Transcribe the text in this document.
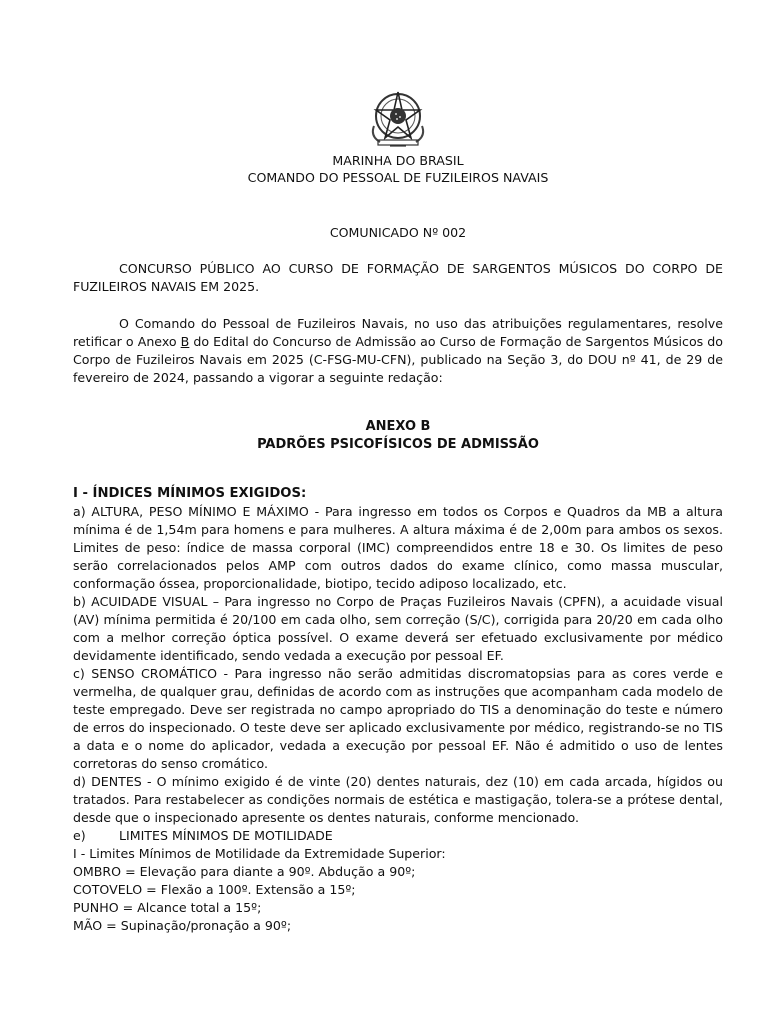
MARINHA DO BRASIL
COMANDO DO PESSOAL DE FUZILEIROS NAVAIS
COMUNICADO Nº 002
CONCURSO PÚBLICO AO CURSO DE FORMAÇÃO DE SARGENTOS MÚSICOS DO CORPO DE FUZILEIROS NAVAIS EM 2025.
O Comando do Pessoal de Fuzileiros Navais, no uso das atribuições regulamentares, resolve retificar o Anexo B do Edital do Concurso de Admissão ao Curso de Formação de Sargentos Músicos do Corpo de Fuzileiros Navais em 2025 (C-FSG-MU-CFN), publicado na Seção 3, do DOU nº 41, de 29 de fevereiro de 2024, passando a vigorar a seguinte redação:
ANEXO B
PADRÕES PSICOFÍSICOS DE ADMISSÃO
I - ÍNDICES MÍNIMOS EXIGIDOS:
a) ALTURA, PESO MÍNIMO E MÁXIMO - Para ingresso em todos os Corpos e Quadros da MB a altura mínima é de 1,54m para homens e para mulheres. A altura máxima é de 2,00m para ambos os sexos. Limites de peso: índice de massa corporal (IMC) compreendidos entre 18 e 30. Os limites de peso serão correlacionados pelos AMP com outros dados do exame clínico, como massa muscular, conformação óssea, proporcionalidade, biotipo, tecido adiposo localizado, etc.
b) ACUIDADE VISUAL – Para ingresso no Corpo de Praças Fuzileiros Navais (CPFN), a acuidade visual (AV) mínima permitida é 20/100 em cada olho, sem correção (S/C), corrigida para 20/20 em cada olho com a melhor correção óptica possível. O exame deverá ser efetuado exclusivamente por médico devidamente identificado, sendo vedada a execução por pessoal EF.
c) SENSO CROMÁTICO - Para ingresso não serão admitidas discromatopsias para as cores verde e vermelha, de qualquer grau, definidas de acordo com as instruções que acompanham cada modelo de teste empregado. Deve ser registrada no campo apropriado do TIS a denominação do teste e número de erros do inspecionado. O teste deve ser aplicado exclusivamente por médico, registrando-se no TIS a data e o nome do aplicador, vedada a execução por pessoal EF. Não é admitido o uso de lentes corretoras do senso cromático.
d) DENTES - O mínimo exigido é de vinte (20) dentes naturais, dez (10) em cada arcada, hígidos ou tratados. Para restabelecer as condições normais de estética e mastigação, tolera-se a prótese dental, desde que o inspecionado apresente os dentes naturais, conforme mencionado.
e)	LIMITES MÍNIMOS DE MOTILIDADE
I - Limites Mínimos de Motilidade da Extremidade Superior:
OMBRO = Elevação para diante a 90º. Abdução a 90º;
COTOVELO = Flexão a 100º. Extensão a 15º;
PUNHO = Alcance total a 15º;
MÃO = Supinação/pronação a 90º;
